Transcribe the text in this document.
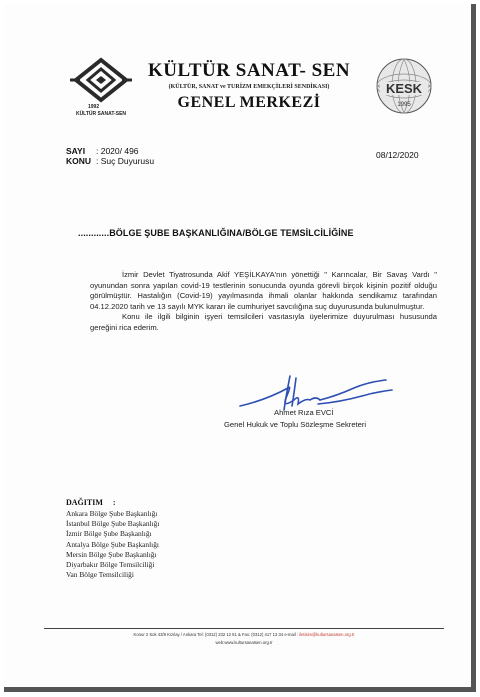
1992
KÜLTÜR SANAT-SEN
KÜLTÜR SANAT- SEN
(KÜLTÜR, SANAT ve TURİZM EMEKÇİLERİ SENDİKASI)
GENEL MERKEZİ
KESK
1995
SAYI : 2020/ 496
KONU : Suç Duyurusu
08/12/2020
............BÖLGE ŞUBE BAŞKANLIĞINA/BÖLGE TEMSİLCİLİĞİNE

İzmir Devlet Tiyatrosunda Akif YEŞİLKAYA'nın yönettiği " Karıncalar, Bir Savaş Vardı " oyunundan sonra yapılan covid-19 testlerinin sonucunda oyunda görevli birçok kişinin pozitif olduğu görülmüştür. Hastalığın (Covid-19) yayılmasında ihmali olanlar hakkında sendikamız tarafından 04.12.2020 tarih ve 13 sayılı MYK kararı ile cumhuriyet savcılığına suç duyurusunda bulunulmuştur.

Konu ile ilgili bilginin işyeri temsilcileri vasıtasıyla üyelerimize duyurulması hususunda gereğini rica ederim.

Ahmet Rıza EVCİ
Genel Hukuk ve Toplu Sözleşme Sekreteri
DAĞITIM     :
Ankara Bölge Şube Başkanlığı
İstanbul Bölge Şube Başkanlığı
İzmir Bölge Şube Başkanlığı
Antalya Bölge Şube Başkanlığı
Mersin Bölge Şube Başkanlığı
Diyarbakır Bölge Temsilciliği
Van Bölge Temsilciliği
Konur 2 Sok 43/8 Kızılay / Ankara Tel: (0312) 232 12 51 & Fax: (0312) 417 13 34 e-mail : iletisim@kultursanatsen.org.tr
web:www.kultursanatsen.org.tr
